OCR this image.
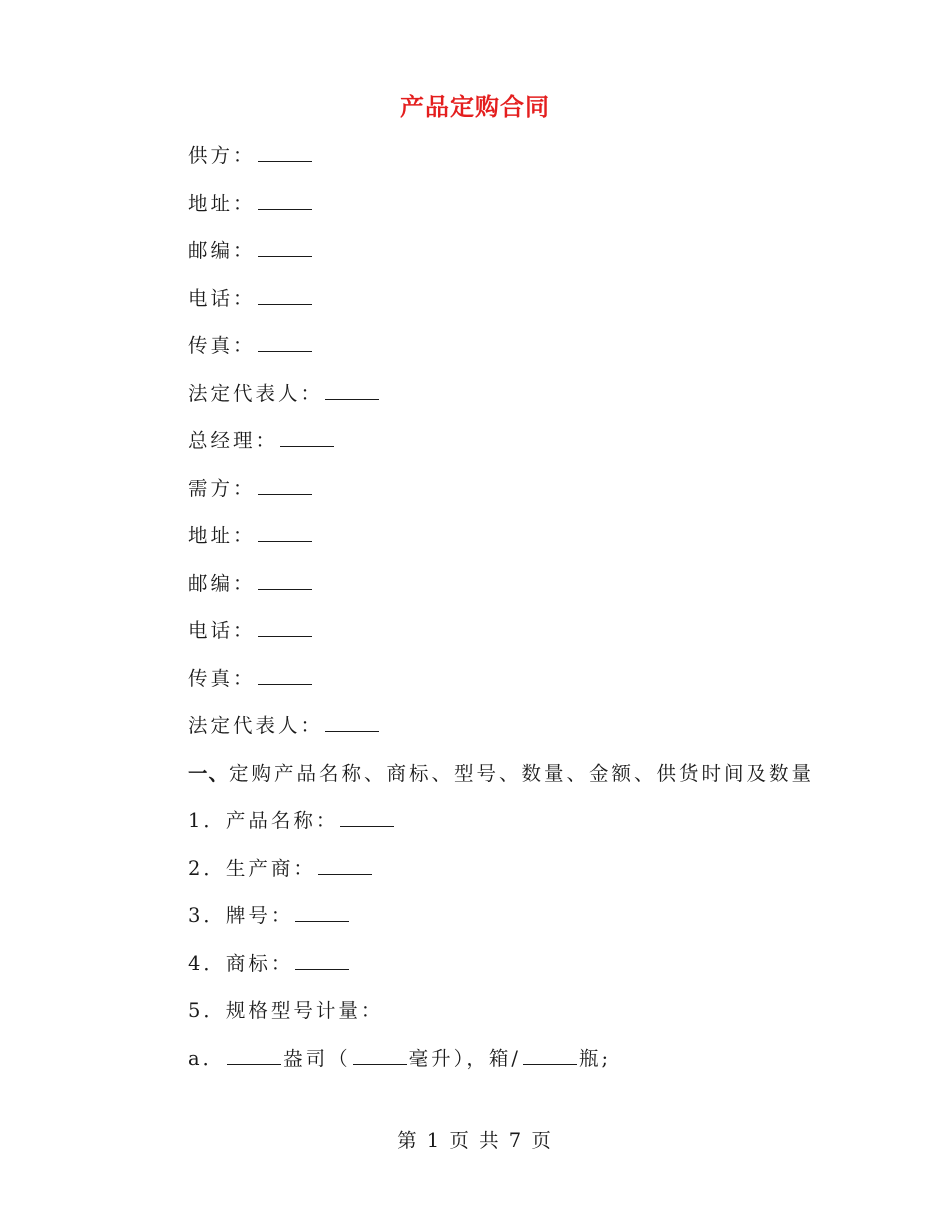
产品定购合同
供方：
地址：
邮编：
电话：
传真：
法定代表人：
总经理：
需方：
地址：
邮编：
电话：
传真：
法定代表人：
一、定购产品名称、商标、型号、数量、金额、供货时间及数量
1．产品名称：
2．生产商：
3．牌号：
4．商标：
5．规格型号计量：
a．	盎司（	毫升），箱/	瓶;
第 1 页 共 7 页
